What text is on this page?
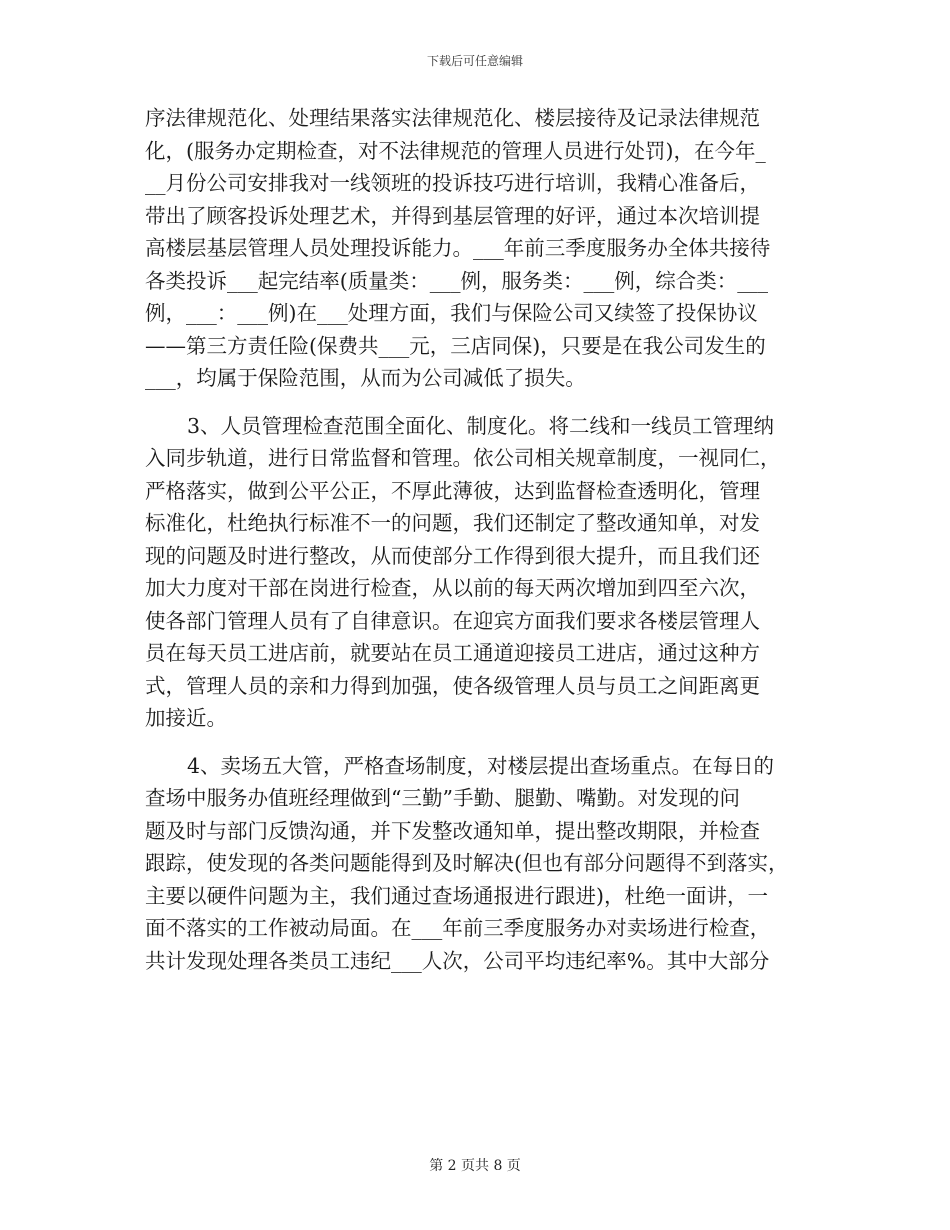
下载后可任意编辑
序法律规范化、处理结果落实法律规范化、楼层接待及记录法律规范
化，(服务办定期检查，对不法律规范的管理人员进行处罚)，在今年_
__月份公司安排我对一线领班的投诉技巧进行培训，我精心准备后，
带出了顾客投诉处理艺术，并得到基层管理的好评，通过本次培训提
高楼层基层管理人员处理投诉能力。___年前三季度服务办全体共接待
各类投诉___起完结率(质量类：___例，服务类：___例，综合类：___
例，___：___例)在___处理方面，我们与保险公司又续签了投保协议
——第三方责任险(保费共___元，三店同保)，只要是在我公司发生的
___，均属于保险范围，从而为公司减低了损失。
3、人员管理检查范围全面化、制度化。将二线和一线员工管理纳
入同步轨道，进行日常监督和管理。依公司相关规章制度，一视同仁，
严格落实，做到公平公正，不厚此薄彼，达到监督检查透明化，管理
标准化，杜绝执行标准不一的问题，我们还制定了整改通知单，对发
现的问题及时进行整改，从而使部分工作得到很大提升，而且我们还
加大力度对干部在岗进行检查，从以前的每天两次增加到四至六次，
使各部门管理人员有了自律意识。在迎宾方面我们要求各楼层管理人
员在每天员工进店前，就要站在员工通道迎接员工进店，通过这种方
式，管理人员的亲和力得到加强，使各级管理人员与员工之间距离更
加接近。
4、卖场五大管，严格查场制度，对楼层提出查场重点。在每日的
查场中服务办值班经理做到“三勤”手勤、腿勤、嘴勤。对发现的问
题及时与部门反馈沟通，并下发整改通知单，提出整改期限，并检查
跟踪，使发现的各类问题能得到及时解决(但也有部分问题得不到落实，
主要以硬件问题为主，我们通过查场通报进行跟进)，杜绝一面讲，一
面不落实的工作被动局面。在___年前三季度服务办对卖场进行检查，
共计发现处理各类员工违纪___人次，公司平均违纪率%。其中大部分
第 2 页共 8 页
